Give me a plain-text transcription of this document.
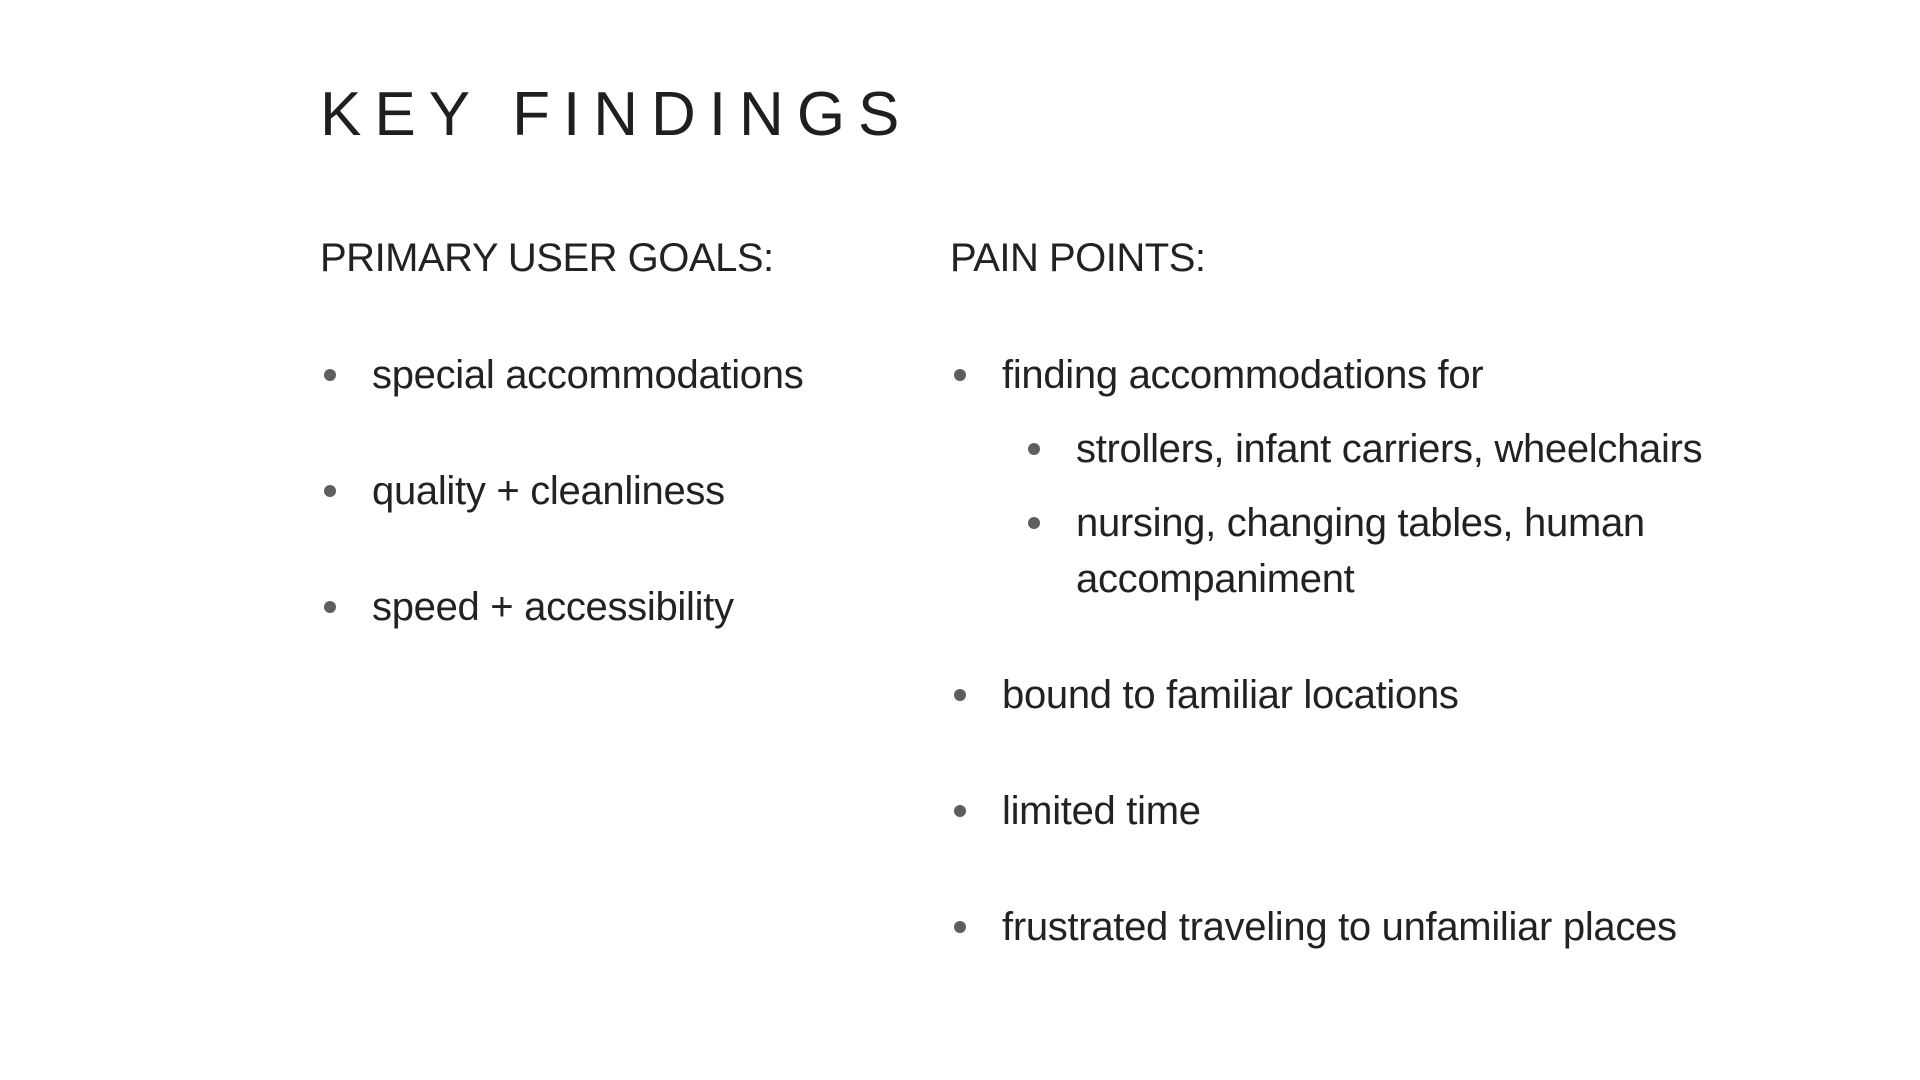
KEY FINDINGS
PRIMARY USER GOALS:
special accommodations
quality + cleanliness
speed + accessibility
PAIN POINTS:
finding accommodations for
strollers, infant carriers, wheelchairs
nursing, changing tables, human accompaniment
bound to familiar locations
limited time
frustrated traveling to unfamiliar places
